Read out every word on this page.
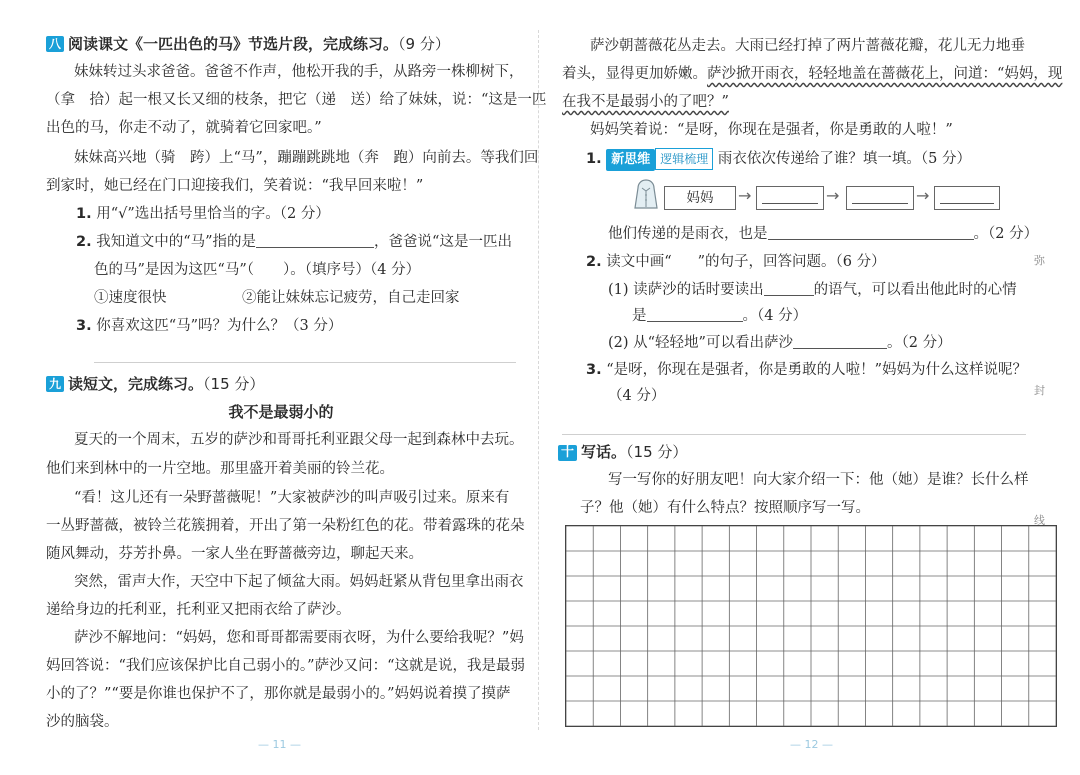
八 阅读课文《一匹出色的马》节选片段，完成练习。（9 分）

妹妹转过头求爸爸。爸爸不作声，他松开我的手，从路旁一株柳树下，

（拿　拾）起一根又长又细的枝条，把它（递　送）给了妹妹，说：“这是一匹

出色的马，你走不动了，就骑着它回家吧。”

妹妹高兴地（骑　跨）上“马”，蹦蹦跳跳地（奔　跑）向前去。等我们回

到家时，她已经在门口迎接我们，笑着说：“我早回来啦！”

1. 用“√”选出括号里恰当的字。（2 分）

2. 我知道文中的“马”指的是	，爸爸说“这是一匹出

色的马”是因为这匹“马”（　　）。（填序号）（4 分）

①速度很快	②能让妹妹忘记疲劳，自己走回家

3. 你喜欢这匹“马”吗？为什么？（3 分）

九 读短文，完成练习。（15 分）

我不是最弱小的

夏天的一个周末，五岁的萨沙和哥哥托利亚跟父母一起到森林中去玩。

他们来到林中的一片空地。那里盛开着美丽的铃兰花。

“看！这儿还有一朵野蔷薇呢！”大家被萨沙的叫声吸引过来。原来有

一丛野蔷薇，被铃兰花簇拥着，开出了第一朵粉红色的花。带着露珠的花朵

随风舞动，芬芳扑鼻。一家人坐在野蔷薇旁边，聊起天来。

突然，雷声大作，天空中下起了倾盆大雨。妈妈赶紧从背包里拿出雨衣

递给身边的托利亚，托利亚又把雨衣给了萨沙。

萨沙不解地问：“妈妈，您和哥哥都需要雨衣呀，为什么要给我呢？”妈

妈回答说：“我们应该保护比自己弱小的。”萨沙又问：“这就是说，我是最弱

小的了？”“要是你谁也保护不了，那你就是最弱小的。”妈妈说着摸了摸萨

沙的脑袋。

— 11 —

萨沙朝蔷薇花丛走去。大雨已经打掉了两片蔷薇花瓣，花儿无力地垂

着头，显得更加娇嫩。萨沙掀开雨衣，轻轻地盖在蔷薇花上，问道：“妈妈，现

在我不是最弱小的了吧？”

妈妈笑着说：“是呀，你现在是强者，你是勇敢的人啦！”

1. 新思维 逻辑梳理 雨衣依次传递给了谁？填一填。（5 分）

妈妈	→	→	→

他们传递的是雨衣，也是	。（2 分）

2. 读文中画“ ”的句子，回答问题。（6 分）

(1) 读萨沙的话时要读出	的语气，可以看出他此时的心情

是	。（4 分）

(2) 从“轻轻地”可以看出萨沙	。（2 分）

3. “是呀，你现在是强者，你是勇敢的人啦！”妈妈为什么这样说呢？

（4 分）

十 写话。（15 分）

写一写你的好朋友吧！向大家介绍一下：他（她）是谁？长什么样

子？他（她）有什么特点？按照顺序写一写。

— 12 —
弥
封
线
